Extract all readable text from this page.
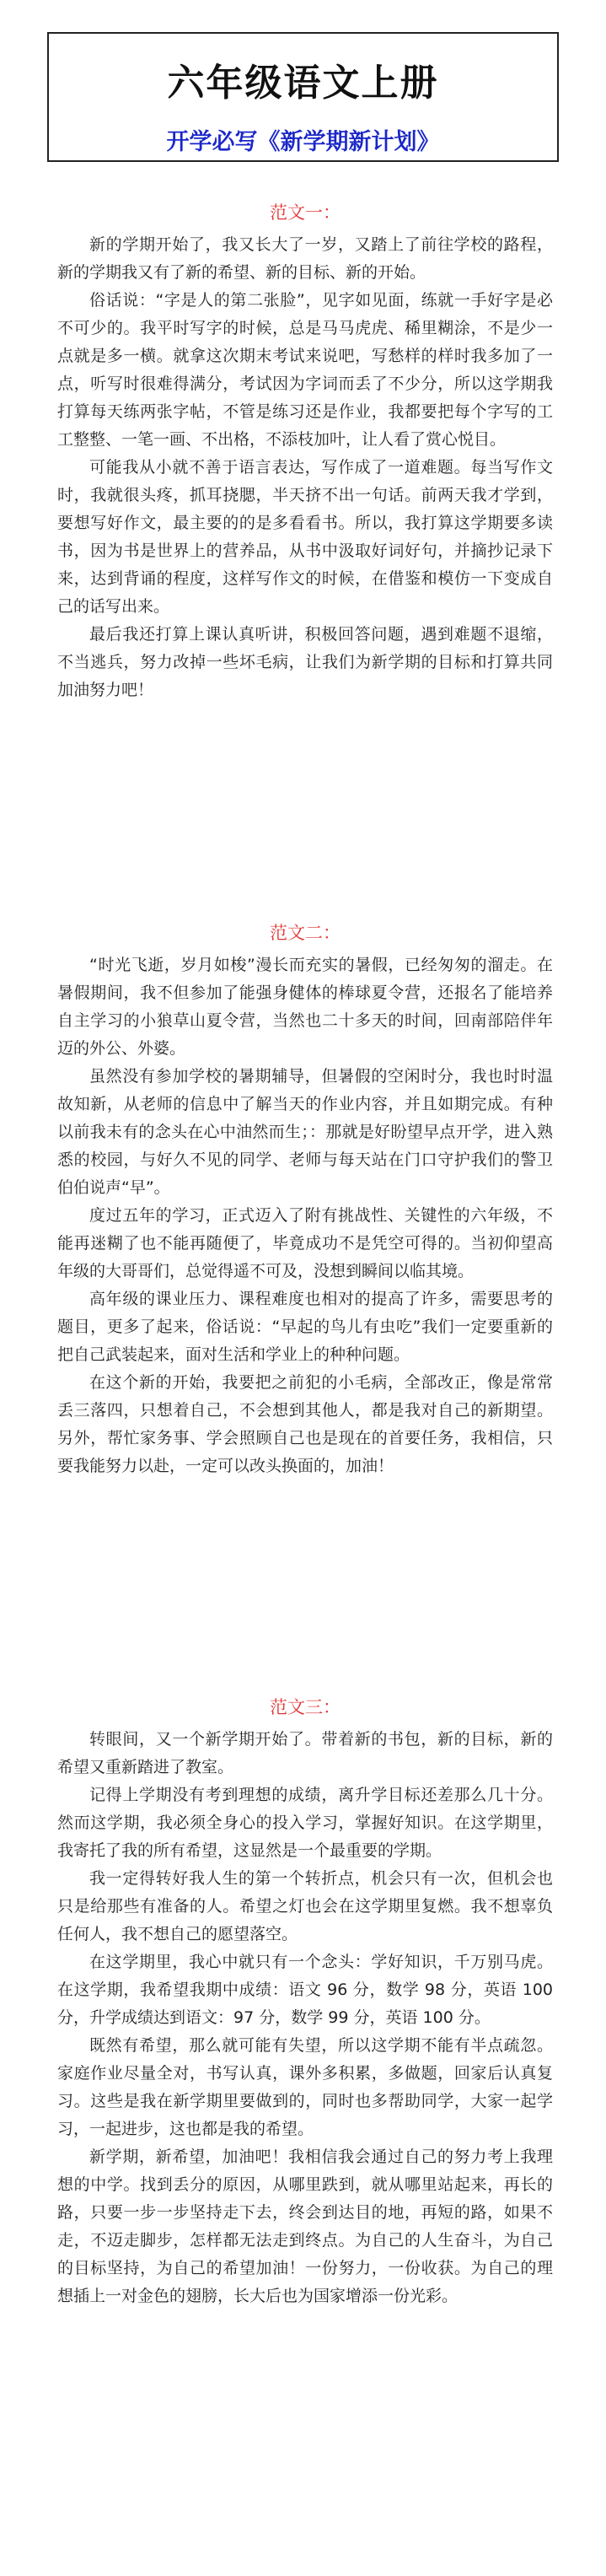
六年级语文上册
开学必写《新学期新计划》
范文一：

新的学期开始了，我又长大了一岁，又踏上了前往学校的路程，新的学期我又有了新的希望、新的目标、新的开始。

俗话说：“字是人的第二张脸”，见字如见面，练就一手好字是必不可少的。我平时写字的时候，总是马马虎虎、稀里糊涂，不是少一点就是多一横。就拿这次期末考试来说吧，写愁样的样时我多加了一点，听写时很难得满分，考试因为字词而丢了不少分，所以这学期我打算每天练两张字帖，不管是练习还是作业，我都要把每个字写的工工整整、一笔一画、不出格，不添枝加叶，让人看了赏心悦目。

可能我从小就不善于语言表达，写作成了一道难题。每当写作文时，我就很头疼，抓耳挠腮，半天挤不出一句话。前两天我才学到，要想写好作文，最主要的的是多看看书。所以，我打算这学期要多读书，因为书是世界上的营养品，从书中汲取好词好句，并摘抄记录下来，达到背诵的程度，这样写作文的时候，在借鉴和模仿一下变成自己的话写出来。

最后我还打算上课认真听讲，积极回答问题，遇到难题不退缩，不当逃兵，努力改掉一些坏毛病，让我们为新学期的目标和打算共同加油努力吧！

范文二：

“时光飞逝，岁月如梭”漫长而充实的暑假，已经匆匆的溜走。在暑假期间，我不但参加了能强身健体的棒球夏令营，还报名了能培养自主学习的小狼草山夏令营，当然也二十多天的时间，回南部陪伴年迈的外公、外婆。

虽然没有参加学校的暑期辅导，但暑假的空闲时分，我也时时温故知新，从老师的信息中了解当天的作业内容，并且如期完成。有种以前我未有的念头在心中油然而生；：那就是好盼望早点开学，进入熟悉的校园，与好久不见的同学、老师与每天站在门口守护我们的警卫伯伯说声“早”。

度过五年的学习，正式迈入了附有挑战性、关键性的六年级，不能再迷糊了也不能再随便了，毕竟成功不是凭空可得的。当初仰望高年级的大哥哥们，总觉得遥不可及，没想到瞬间以临其境。

高年级的课业压力、课程难度也相对的提高了许多，需要思考的题目，更多了起来，俗话说：“早起的鸟儿有虫吃”我们一定要重新的把自己武装起来，面对生活和学业上的种种问题。

在这个新的开始，我要把之前犯的小毛病，全部改正，像是常常丢三落四，只想着自己，不会想到其他人，都是我对自己的新期望。另外，帮忙家务事、学会照顾自己也是现在的首要任务，我相信，只要我能努力以赴，一定可以改头换面的，加油！

范文三：

转眼间，又一个新学期开始了。带着新的书包，新的目标，新的希望又重新踏进了教室。

记得上学期没有考到理想的成绩，离升学目标还差那么几十分。然而这学期，我必须全身心的投入学习，掌握好知识。在这学期里，我寄托了我的所有希望，这显然是一个最重要的学期。

我一定得转好我人生的第一个转折点，机会只有一次，但机会也只是给那些有准备的人。希望之灯也会在这学期里复燃。我不想辜负任何人，我不想自己的愿望落空。

在这学期里，我心中就只有一个念头：学好知识，千万别马虎。在这学期，我希望我期中成绩：语文 96 分，数学 98 分，英语 100 分，升学成绩达到语文：97 分，数学 99 分，英语 100 分。

既然有希望，那么就可能有失望，所以这学期不能有半点疏忽。家庭作业尽量全对，书写认真，课外多积累，多做题，回家后认真复习。这些是我在新学期里要做到的，同时也多帮助同学，大家一起学习，一起进步，这也都是我的希望。

新学期，新希望，加油吧！我相信我会通过自己的努力考上我理想的中学。找到丢分的原因，从哪里跌到，就从哪里站起来，再长的路，只要一步一步坚持走下去，终会到达目的地，再短的路，如果不走，不迈走脚步，怎样都无法走到终点。为自己的人生奋斗，为自己的目标坚持，为自己的希望加油！一份努力，一份收获。为自己的理想插上一对金色的翅膀，长大后也为国家增添一份光彩。
